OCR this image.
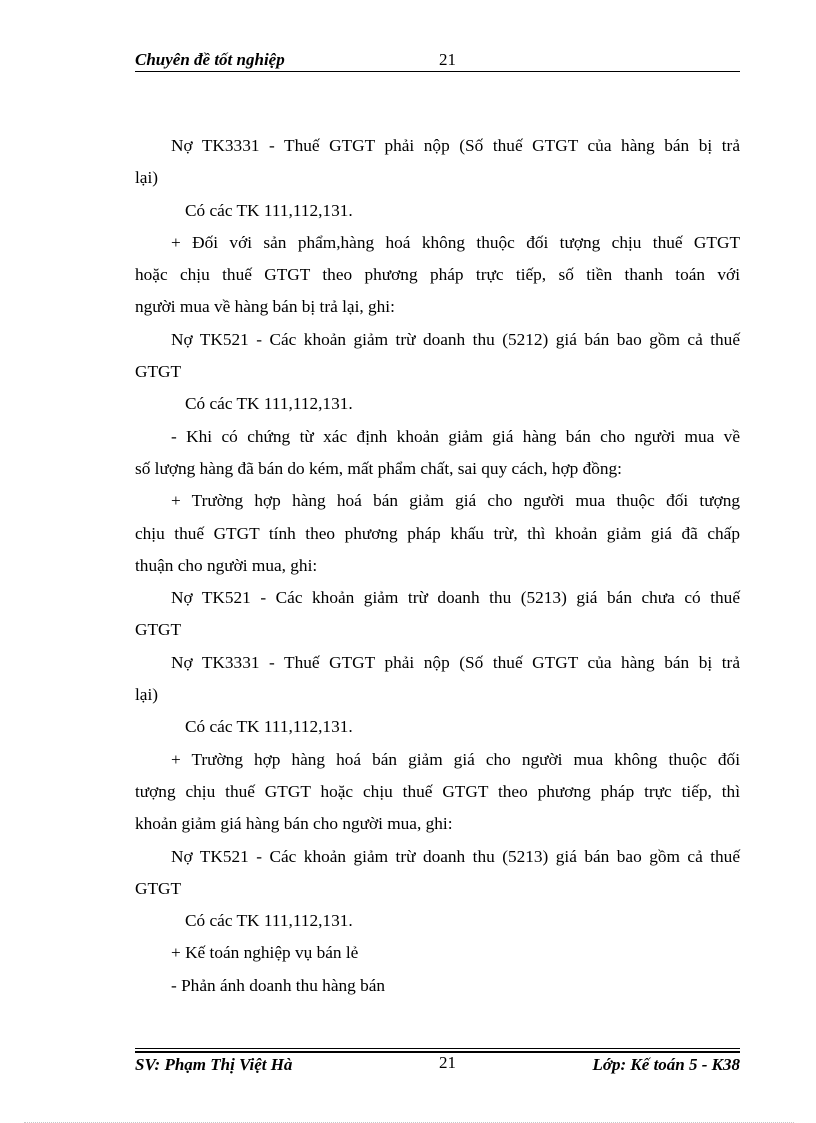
Chuyên đề tốt nghiệp	21
Nợ TK3331 - Thuế GTGT phải nộp (Số thuế GTGT của hàng bán bị trả
lại)
Có các TK 111,112,131.
+ Đối với sản phẩm,hàng hoá không thuộc đối tượng chịu thuế GTGT
hoặc chịu thuế GTGT theo phương pháp trực tiếp, số tiền thanh toán với
người mua về hàng bán bị trả lại, ghi:
Nợ TK521 - Các khoản giảm trừ doanh thu (5212) giá bán bao gồm cả thuế
GTGT
Có các TK 111,112,131.
- Khi có chứng từ xác định khoản giảm giá hàng bán cho người mua về
số lượng hàng đã bán do kém, mất phẩm chất, sai quy cách, hợp đồng:
+ Trường hợp hàng hoá bán giảm giá cho người mua thuộc đối tượng
chịu thuế GTGT tính theo phương pháp khấu trừ, thì khoản giảm giá đã chấp
thuận cho người mua, ghi:
Nợ TK521 - Các khoản giảm trừ doanh thu (5213) giá bán chưa có thuế
GTGT
Nợ TK3331 - Thuế GTGT phải nộp (Số thuế GTGT của hàng bán bị trả
lại)
Có các TK 111,112,131.
+ Trường hợp hàng hoá bán giảm giá cho người mua không thuộc đối
tượng chịu thuế GTGT hoặc chịu thuế GTGT theo phương pháp trực tiếp, thì
khoản giảm giá hàng bán cho người mua, ghi:
Nợ TK521 - Các khoản giảm trừ doanh thu (5213) giá bán bao gồm cả thuế
GTGT
Có các TK 111,112,131.
+ Kế toán nghiệp vụ bán lẻ
- Phản ánh doanh thu hàng bán
SV: Phạm Thị Việt Hà	21	Lớp: Kế toán 5 - K38
